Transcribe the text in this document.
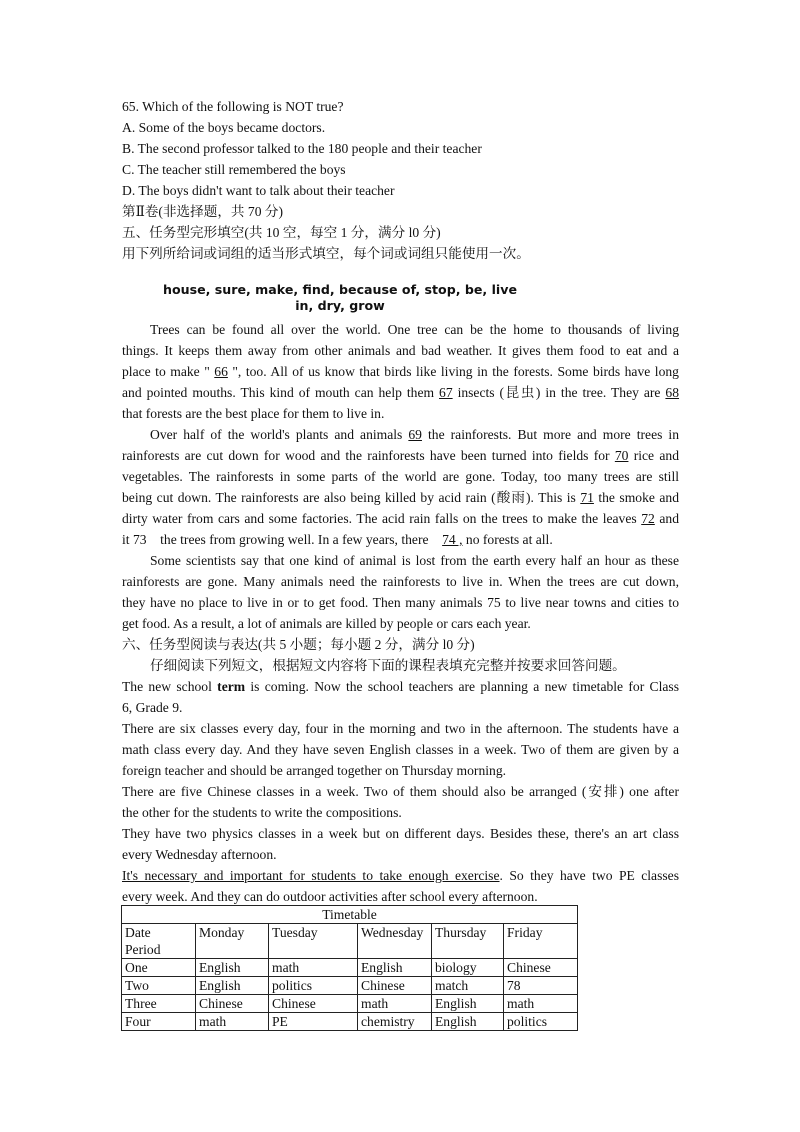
65. Which of the following is NOT true?
A. Some of the boys became doctors.
B. The second professor talked to the 180 people and their teacher
C. The teacher still remembered the boys
D. The boys didn't want to talk about their teacher
第Ⅱ卷(非选择题，共 70 分)
五、任务型完形填空(共 10 空，每空 1 分，满分 l0 分)
用下列所给词或词组的适当形式填空，每个词或词组只能使用一次。
house, sure, make, find, because of, stop, be, live
in, dry, grow
Trees can be found all over the world. One tree can be the home to thousands of living
things. It keeps them away from other animals and bad weather. It gives them food to eat and a
place to make " 66 ", too. All of us know that birds like living in the forests. Some birds have long
and pointed mouths. This kind of mouth can help them 67 insects (昆虫) in the tree. They are 68
that forests are the best place for them to live in.
Over half of the world's plants and animals 69 the rainforests. But more and more trees in
rainforests are cut down for wood and the rainforests have been turned into fields for 70 rice and
vegetables. The rainforests in some parts of the world are gone. Today, too many trees are still
being cut down. The rainforests are also being killed by acid rain (酸雨). This is 71 the smoke and
dirty water from cars and some factories. The acid rain falls on the trees to make the leaves 72 and
it 73    the trees from growing well. In a few years, there    74 , no forests at all.
Some scientists say that one kind of animal is lost from the earth every half an hour as these
rainforests are gone. Many animals need the rainforests to live in. When the trees are cut down,
they have no place to live in or to get food. Then many animals 75 to live near towns and cities to
get food. As a result, a lot of animals are killed by people or cars each year.
六、任务型阅读与表达(共 5 小题；每小题 2 分，满分 l0 分)
仔细阅读下列短文，根据短文内容将下面的课程表填充完整并按要求回答问题。
The new school term is coming. Now the school teachers are planning a new timetable for Class
6, Grade 9.
There are six classes every day, four in the morning and two in the afternoon. The students have a
math class every day. And they have seven English classes in a week. Two of them are given by a
foreign teacher and should be arranged together on Thursday morning.
There are five Chinese classes in a week. Two of them should also be arranged (安排) one after
the other for the students to write the compositions.
They have two physics classes in a week but on different days. Besides these, there's an art class
every Wednesday afternoon.
It's necessary and important for students to take enough exercise. So they have two PE classes
every week. And they can do outdoor activities after school every afternoon.
Timetable					
Date
Period	Monday	Tuesday	Wednesday	Thursday	Friday
One	English	math	English	biology	Chinese
Two	English	politics	Chinese	match	78
Three	Chinese	Chinese	math	English	math
Four	math	PE	chemistry	English	politics
